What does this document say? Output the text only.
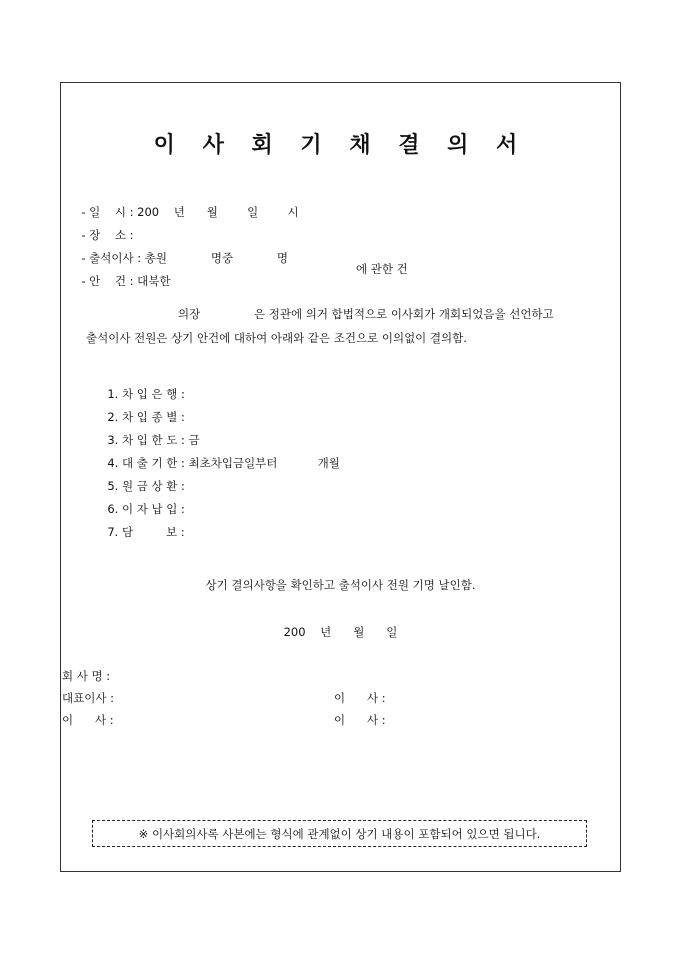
이 사 회 기 채 결 의 서

- 일    시 : 200    년      월        일        시

- 장    소 :

- 출석이사 : 총원            명중            명

- 안    건 : 대북한

에 관한 건
의장	은 정관에 의거 합법적으로 이사회가 개회되었음을 선언하고
출석이사 전원은 상기 안건에 대하여 아래와 같은 조건으로 이의없이 결의함.

1. 차 입 은 행 :

2. 차 입 종 별 :

3. 차 입 한 도 : 금

4. 대 출 기 한 : 최초차입금일부터           개월

5. 원 금 상 환 :

6. 이 자 납 입 :

7. 담         보 :

상기 결의사항을 확인하고 출석이사 전원 기명 날인함.
200    년      월      일
회 사 명 :
대표이사 :	이      사 :
이      사 :	이      사 :
※ 이사회의사록 사본에는 형식에 관계없이 상기 내용이 포함되어 있으면 됩니다.
